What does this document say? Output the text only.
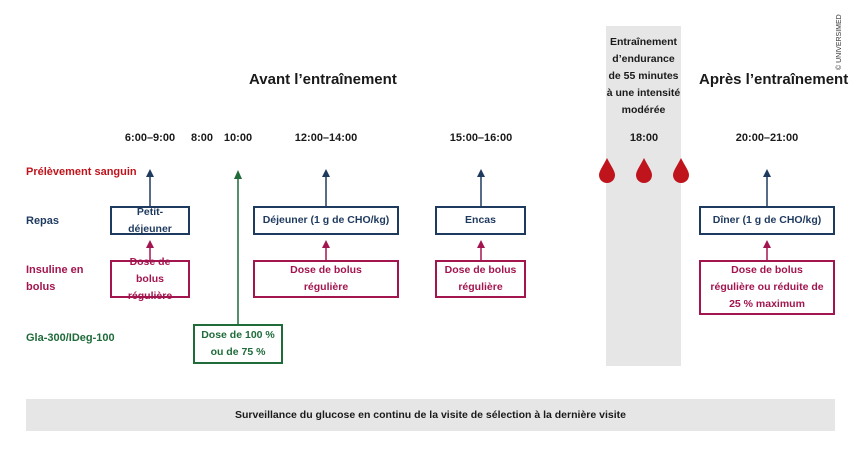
Entraînement
d’endurance
de 55 minutes
à une intensité
modérée
Avant l’entraînement	Après l’entraînement
6:00–9:00	8:00 10:00	12:00–14:00	15:00–16:00	18:00	20:00–21:00
Prélèvement sanguin
Repas
Insuline en
bolus
Gla-300/IDeg-100
Petit-déjeuner
Déjeuner (1 g de CHO/kg)	Encas	Dîner (1 g de CHO/kg)
Dose de bolus
régulière
Dose de bolus
régulière
Dose de bolus
régulière
Dose de bolus
régulière ou réduite de
25 % maximum
Dose de 100 %
ou de 75 %
Surveillance du glucose en continu de la visite de sélection à la dernière visite
© UNIVERSIMED
